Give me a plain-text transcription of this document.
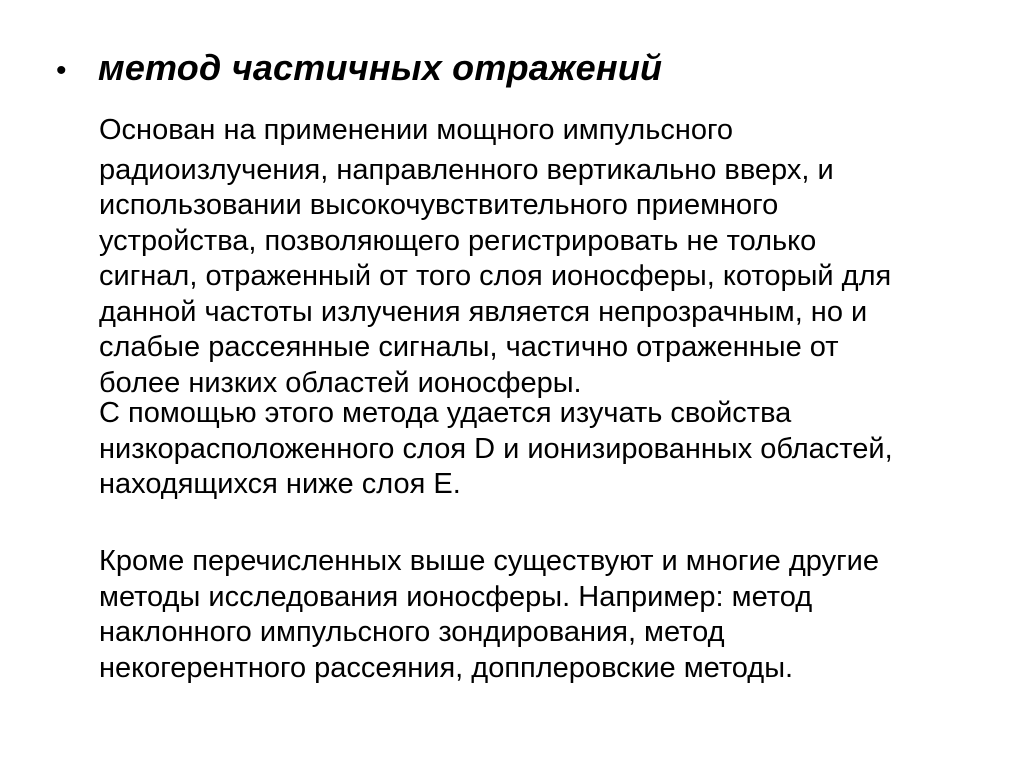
• метод частичных отражений

Основан на применении мощного импульсного
радиоизлучения, направленного вертикально вверх, и
использовании высокочувствительного приемного
устройства, позволяющего регистрировать не только
сигнал, отраженный от того слоя ионосферы, который для
данной частоты излучения является непрозрачным, но и
слабые рассеянные сигналы, частично отраженные от
более низких областей ионосферы.

С помощью этого метода удается изучать свойства
низкорасположенного слоя D и ионизированных областей,
находящихся ниже слоя Е.

Кроме перечисленных выше существуют и многие другие
методы исследования ионосферы. Например: метод
наклонного импульсного зондирования, метод
некогерентного рассеяния, допплеровские методы.
